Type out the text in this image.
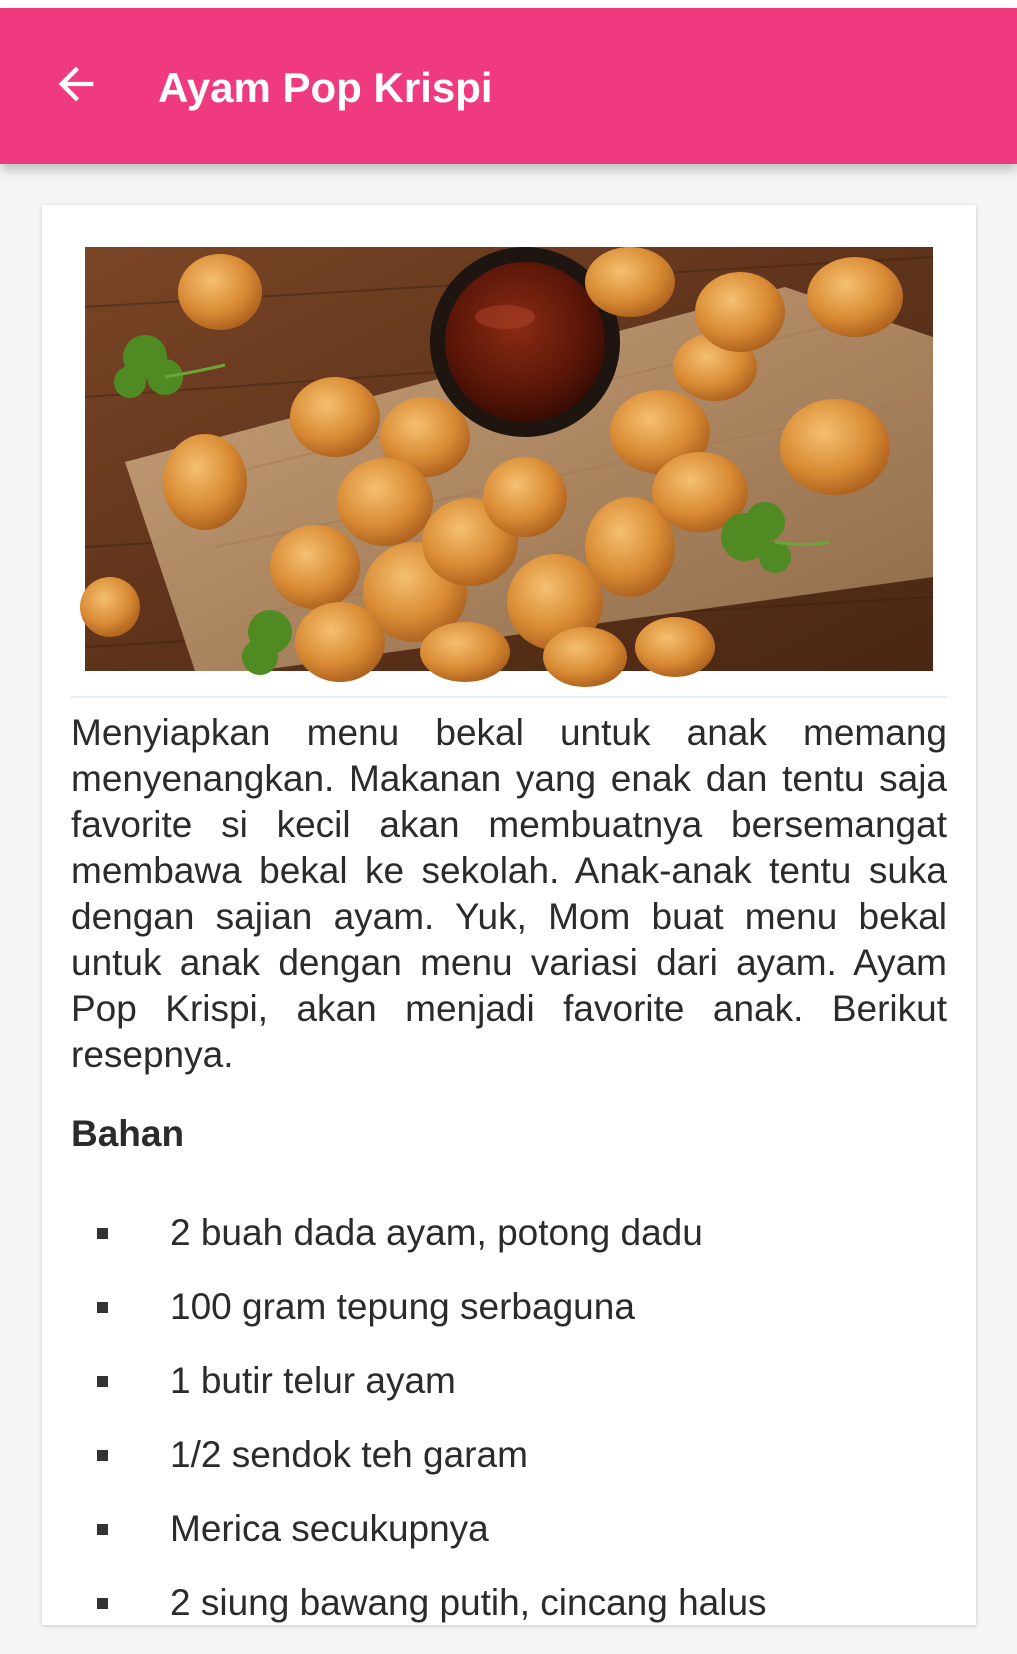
Ayam Pop Krispi

Menyiapkan menu bekal untuk anak memang menyenangkan. Makanan yang enak dan tentu saja favorite si kecil akan membuatnya bersemangat membawa bekal ke sekolah. Anak-anak tentu suka dengan sajian ayam. Yuk, Mom buat menu bekal untuk anak dengan menu variasi dari ayam. Ayam Pop Krispi, akan menjadi favorite anak. Berikut resepnya.

Bahan
2 buah dada ayam, potong dadu
100 gram tepung serbaguna
1 butir telur ayam
1/2 sendok teh garam
Merica secukupnya
2 siung bawang putih, cincang halus
